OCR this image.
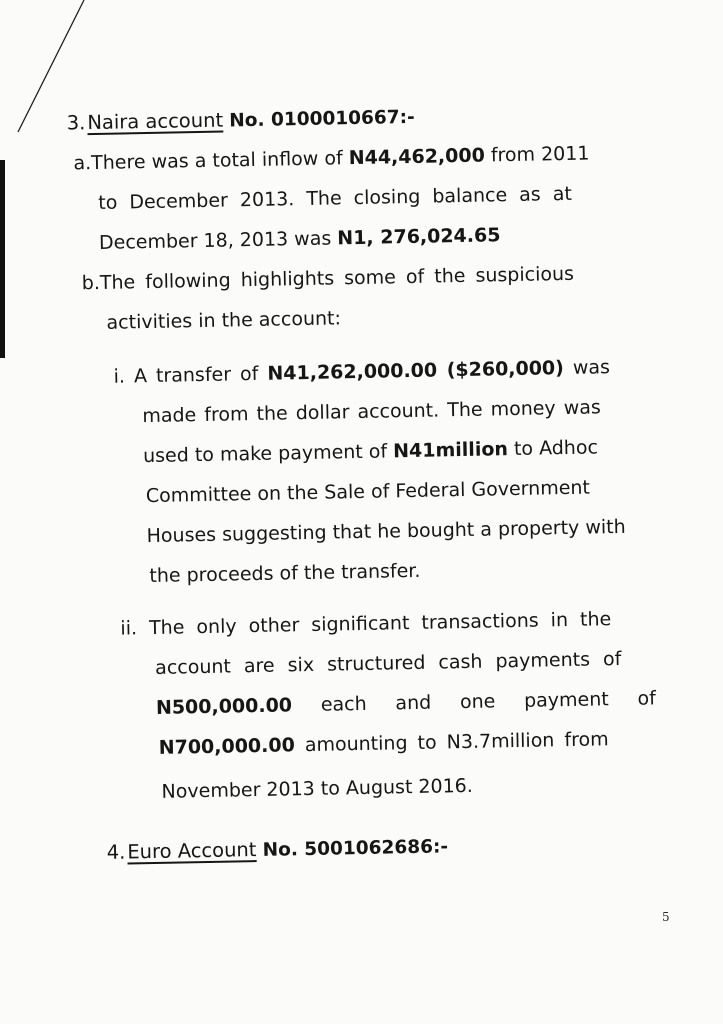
3.Naira account No. 0100010667:-
a.There was a total inflow of N44,462,000 from 2011
to December 2013. The closing balance as at
December 18, 2013 was N1, 276,024.65
b.The following highlights some of the suspicious
activities in the account:
i. A transfer of N41,262,000.00 ($260,000) was
made from the dollar account. The money was
used to make payment of N41million to Adhoc
Committee on the Sale of Federal Government
Houses suggesting that he bought a property with
the proceeds of the transfer.
ii. The only other significant transactions in the
account are six structured cash payments of
N500,000.00 each and one payment of
N700,000.00 amounting to N3.7million from
November 2013 to August 2016.
4.Euro Account No. 5001062686:-
5
